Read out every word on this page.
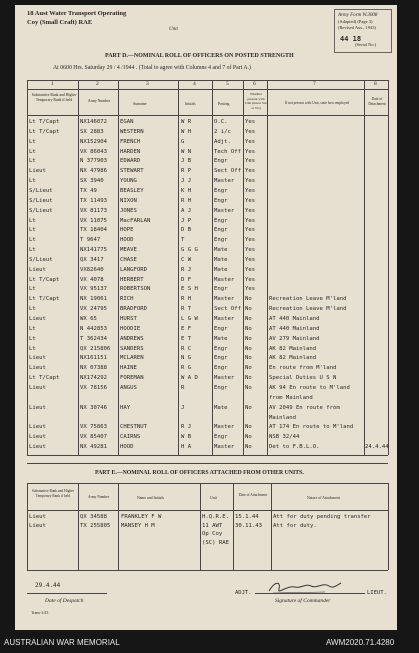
18 Aust Water Transport Operating
Coy (Small Craft) RAE
Unit
Army Form W.3008
(Adapted) (Page 3)
(Revised Aus., 1943)
44 18
(Serial No.)
PART D.—NOMINAL ROLL OF OFFICERS ON POSTED STRENGTH
At 0600 Hrs. Saturday 29 / 4 /1944 . (Total to agree with Columns 4 and 7 of Part A.)
1	2	3	4	5	6	7	8
Substantive Rank and Higher Temporary Rank if held	Army Number
Surname	Initials	Posting
Whether present with Unit (insert Yes or No)
If not present with Unit, state how employed
Date of Detachment
Lt T/Capt	NX146072 EGAN	W R	O.C.	Yes
Lt T/Capt	SX 2883	WESTERN	W H	2 i/c	Yes
Lt	NX152904 FRENCH	G	Adjt.	Yes
Lt	VX 86043 HARDEN	W N	Tech Off Yes
Lt	N 377903 EDWARD	J B	Engr	Yes
Lieut	NX 47986 STEWART	R P	Sect Off Yes
Lt	SX 3940	YOUNG	J J	Master Yes
S/Lieut	TX 49	BEASLEY	K H	Engr	Yes
S/Lieut	TX 11493 NIXON	R H	Engr	Yes
S/Lieut	VX 81173 JONES	A J	Master Yes
Lt	VX 11075 MacFARLAN	J P	Engr	Yes
Lt	TX 18404 HOPE	D B	Engr	Yes
Lt	T 9647	HOOD	T	Engr	Yes
Lt	NX141775 MEAVE	G G G	Mate	Yes
S/Lieut	QX 3417	CHASE	C W	Mate	Yes
Lieut	VX82640	LANGFORD	R J	Mate	Yes
Lt T/Capt	VX 4078	HERBERT	D F	Master Yes
Lt	VX 95137 ROBERTSON	E S H	Engr	Yes
Lt T/Capt	NX 19061 RICH	R H	Master No	Recreation Leave M'land
Lt	VX 24795 BRADFORD	R T	Sect Off No	Recreation Leave M'land
Lieut	WX 65	HURST	L G W	Master No	AT 440 Mainland
Lt	N 442853 HOODIE	E F	Engr	No	AT 440 Mainland
Lt	T 362434 ANDREWS	E T	Mate	No	AV 279 Mainland
Lt	QX 215806 SANDERS	R C	Engr	No	AK 82 Mainland
Lieut	NX161151 MCLAREN	N G	Engr	No	AK 82 Mainland
Lieut	NX 07388 HAINE	R G	Engr	No	En route from M'land
Lt T/Capt	NX174292 FOREMAN	W A D	Master No	Special Duties U S N
Lieut	VX 78156 ANGUS	R	Engr	No	AK 94 En route to M'land
from Mainland
Lieut	NX 30746 HAY	J	Mate	No	AV 2049 En route from
Mainland
Lieut	VX 75863 CHESTNUT	R J	Master No	AT 174 En route to M'land
Lieut	VX 85407 CAIRNS	W B	Engr	No	NSB 32/44
Lieut	NX 49281 HOOD	H A	Master No	Det to F.B.L.O.	24.4.44
PART E.—NOMINAL ROLL OF OFFICERS ATTACHED FROM OTHER UNITS.
Substantive Rank and Higher Temporary Rank if held	Army Number	Name and Initials	Unit
Date of Attachment
Nature of Attachment
Lieut	QX 34588	FRANKLEY F W	H.Q.R.E. 15.1.44	Att for duty pending transfer
Lieut	TX 255805 MANSEY H M	11 AWT 30.11.43 Att for duty.
Op Coy
(SC) RAE
29.4.44
Date of Despatch
Trans-1/43
ADJT.
Signature of Commander
LIEUT.
AUSTRALIAN WAR MEMORIAL	AWM2020.71.4280
